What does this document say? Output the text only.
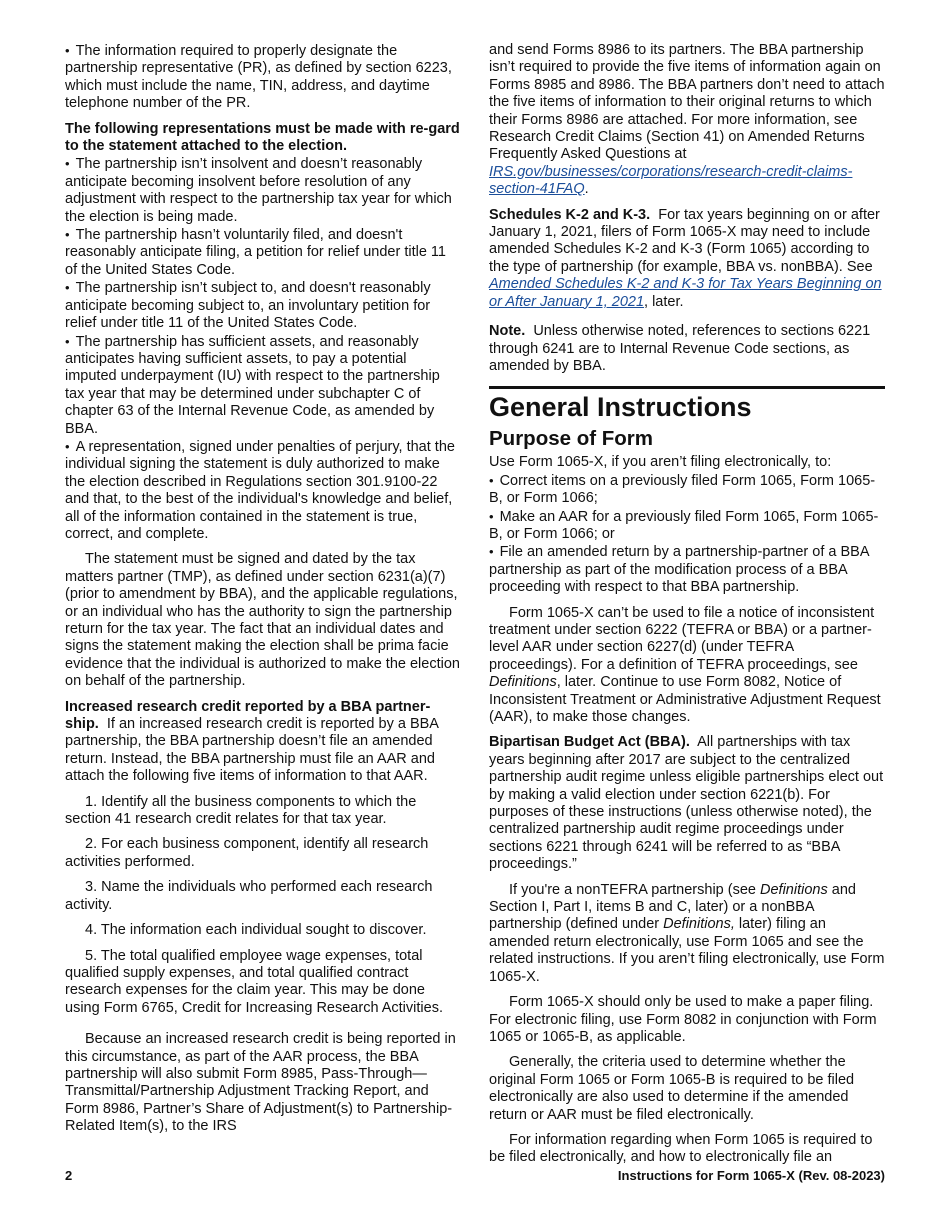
• The information required to properly designate the partnership representative (PR), as defined by section 6223, which must include the name, TIN, address, and daytime telephone number of the PR.

The following representations must be made with re-gard to the statement attached to the election.

• The partnership isn’t insolvent and doesn’t reasonably anticipate becoming insolvent before resolution of any adjustment with respect to the partnership tax year for which the election is being made.

• The partnership hasn’t voluntarily filed, and doesn't reasonably anticipate filing, a petition for relief under title 11 of the United States Code.

• The partnership isn’t subject to, and doesn't reasonably anticipate becoming subject to, an involuntary petition for relief under title 11 of the United States Code.

• The partnership has sufficient assets, and reasonably anticipates having sufficient assets, to pay a potential imputed underpayment (IU) with respect to the partnership tax year that may be determined under subchapter C of chapter 63 of the Internal Revenue Code, as amended by BBA.

• A representation, signed under penalties of perjury, that the individual signing the statement is duly authorized to make the election described in Regulations section 301.9100-22 and that, to the best of the individual's knowledge and belief, all of the information contained in the statement is true, correct, and complete.

The statement must be signed and dated by the tax matters partner (TMP), as defined under section 6231(a)(7) (prior to amendment by BBA), and the applicable regulations, or an individual who has the authority to sign the partnership return for the tax year. The fact that an individual dates and signs the statement making the election shall be prima facie evidence that the individual is authorized to make the election on behalf of the partnership.

Increased research credit reported by a BBA partner-ship. If an increased research credit is reported by a BBA partnership, the BBA partnership doesn’t file an amended return. Instead, the BBA partnership must file an AAR and attach the following five items of information to that AAR.

1. Identify all the business components to which the section 41 research credit relates for that tax year.

2. For each business component, identify all research activities performed.

3. Name the individuals who performed each research activity.

4. The information each individual sought to discover.

5. The total qualified employee wage expenses, total qualified supply expenses, and total qualified contract research expenses for the claim year. This may be done using Form 6765, Credit for Increasing Research Activities.

Because an increased research credit is being reported in this circumstance, as part of the AAR process, the BBA partnership will also submit Form 8985, Pass-Through—Transmittal/Partnership Adjustment Tracking Report, and Form 8986, Partner’s Share of Adjustment(s) to Partnership-Related Item(s), to the IRS

and send Forms 8986 to its partners. The BBA partnership isn’t required to provide the five items of information again on Forms 8985 and 8986. The BBA partners don’t need to attach the five items of information to their original returns to which their Forms 8986 are attached. For more information, see Research Credit Claims (Section 41) on Amended Returns Frequently Asked Questions at IRS.gov/businesses/corporations/research-credit-claims-section-41FAQ.

Schedules K-2 and K-3. For tax years beginning on or after January 1, 2021, filers of Form 1065-X may need to include amended Schedules K-2 and K-3 (Form 1065) according to the type of partnership (for example, BBA vs. nonBBA). See Amended Schedules K-2 and K-3 for Tax Years Beginning on or After January 1, 2021, later.

Note. Unless otherwise noted, references to sections 6221 through 6241 are to Internal Revenue Code sections, as amended by BBA.

General Instructions

Purpose of Form

Use Form 1065-X, if you aren’t filing electronically, to:

• Correct items on a previously filed Form 1065, Form 1065-B, or Form 1066;

• Make an AAR for a previously filed Form 1065, Form 1065-B, or Form 1066; or

• File an amended return by a partnership-partner of a BBA partnership as part of the modification process of a BBA proceeding with respect to that BBA partnership.

Form 1065-X can’t be used to file a notice of inconsistent treatment under section 6222 (TEFRA or BBA) or a partner-level AAR under section 6227(d) (under TEFRA proceedings). For a definition of TEFRA proceedings, see Definitions, later. Continue to use Form 8082, Notice of Inconsistent Treatment or Administrative Adjustment Request (AAR), to make those changes.

Bipartisan Budget Act (BBA). All partnerships with tax years beginning after 2017 are subject to the centralized partnership audit regime unless eligible partnerships elect out by making a valid election under section 6221(b). For purposes of these instructions (unless otherwise noted), the centralized partnership audit regime proceedings under sections 6221 through 6241 will be referred to as “BBA proceedings.”

If you're a nonTEFRA partnership (see Definitions and Section I, Part I, items B and C, later) or a nonBBA partnership (defined under Definitions, later) filing an amended return electronically, use Form 1065 and see the related instructions. If you aren’t filing electronically, use Form 1065-X.

Form 1065-X should only be used to make a paper filing. For electronic filing, use Form 8082 in conjunction with Form 1065 or 1065-B, as applicable.

Generally, the criteria used to determine whether the original Form 1065 or Form 1065-B is required to be filed electronically are also used to determine if the amended return or AAR must be filed electronically.

For information regarding when Form 1065 is required to be filed electronically, and how to electronically file an

2	Instructions for Form 1065-X (Rev. 08-2023)
